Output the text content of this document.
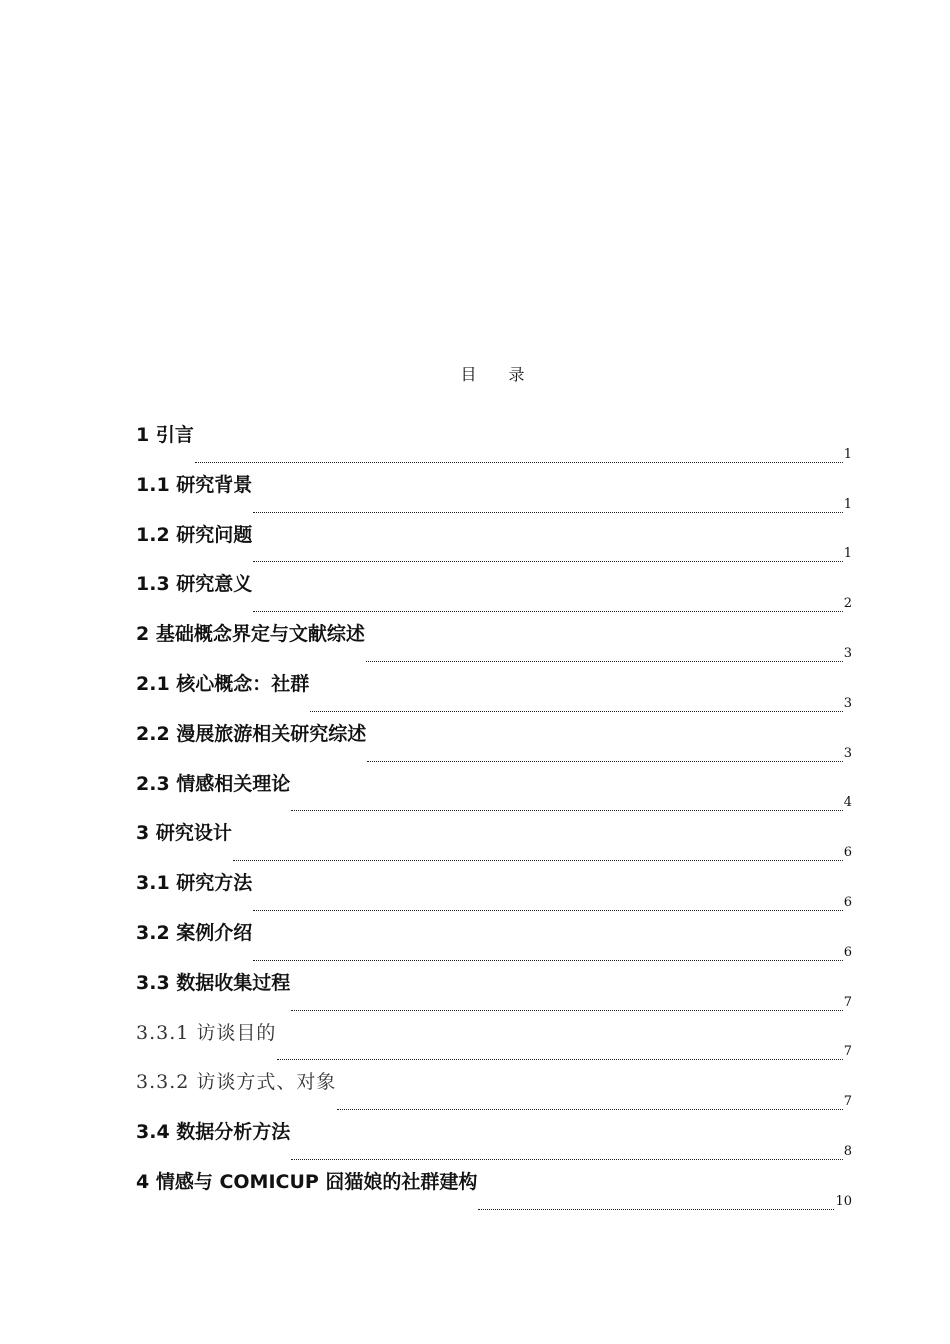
目　　录
1 引言
1
1.1 研究背景
1
1.2 研究问题
1
1.3 研究意义
2
2 基础概念界定与文献综述
3
2.1 核心概念：社群
3
2.2 漫展旅游相关研究综述
3
2.3 情感相关理论
4
3 研究设计
6
3.1 研究方法
6
3.2 案例介绍
6
3.3 数据收集过程
7
3.3.1 访谈目的
7
3.3.2 访谈方式、对象
7
3.4 数据分析方法
8
4 情感与 COMICUP 囧猫娘的社群建构
10
